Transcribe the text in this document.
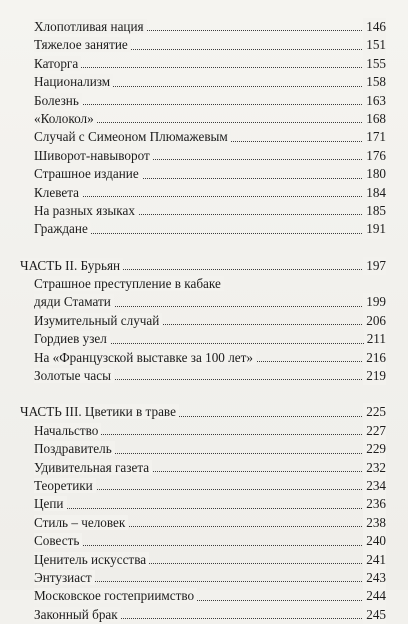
Хлопотливая нация	146
Тяжелое занятие	151
Каторга	155
Национализм	158
Болезнь	163
«Колокол»	168
Случай с Симеоном Плюмажевым	171
Шиворот-навыворот	176
Страшное издание	180
Клевета	184
На разных языках	185
Граждане	191
ЧАСТЬ II. Бурьян	197
Страшное преступление в кабаке
дяди Стамати	199
Изумительный случай	206
Гордиев узел	211
На «Французской выставке за 100 лет»	216
Золотые часы	219
ЧАСТЬ III. Цветики в траве	225
Начальство	227
Поздравитель	229
Удивительная газета	232
Теоретики	234
Цепи	236
Стиль – человек	238
Совесть	240
Ценитель искусства	241
Энтузиаст	243
Московское гостеприимство	244
Законный брак	245
